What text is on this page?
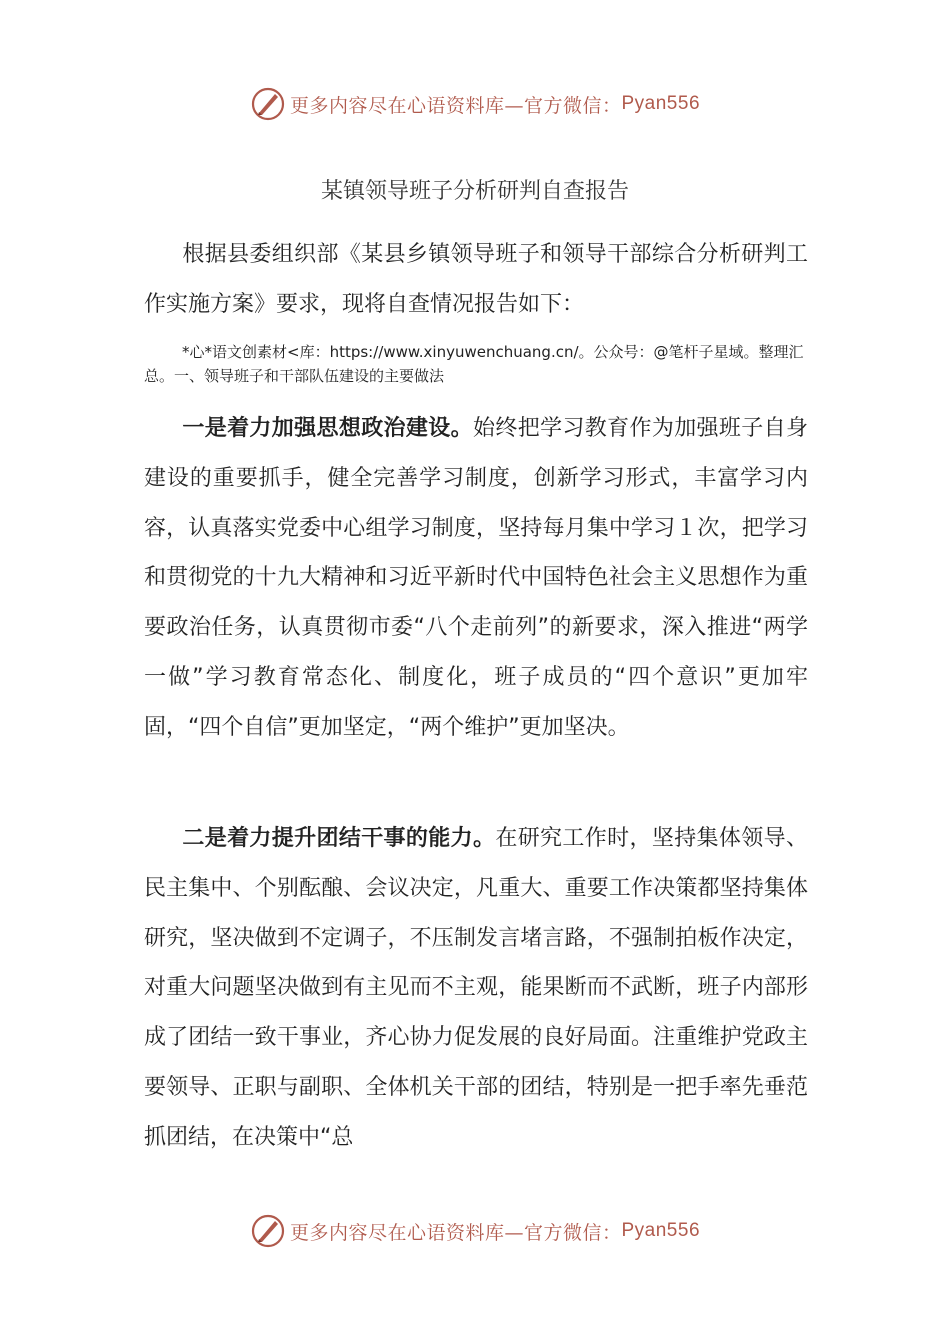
更多内容尽在心语资料库—官方微信： Pyan556
某镇领导班子分析研判自查报告

根据县委组织部《某县乡镇领导班子和领导干部综合分析研判工作实施方案》要求，现将自查情况报告如下：

*心*语文创素材<库：https://www.xinyuwenchuang.cn/。公众号：@笔杆子星域。整理汇总。一、领导班子和干部队伍建设的主要做法

一是着力加强思想政治建设。始终把学习教育作为加强班子自身建设的重要抓手，健全完善学习制度，创新学习形式，丰富学习内容，认真落实党委中心组学习制度，坚持每月集中学习１次，把学习和贯彻党的十九大精神和习近平新时代中国特色社会主义思想作为重要政治任务，认真贯彻市委“八个走前列”的新要求，深入推进“两学一做”学习教育常态化、制度化，班子成员的“四个意识”更加牢固，“四个自信”更加坚定，“两个维护”更加坚决。

二是着力提升团结干事的能力。在研究工作时，坚持集体领导、民主集中、个别酝酿、会议决定，凡重大、重要工作决策都坚持集体研究，坚决做到不定调子，不压制发言堵言路，不强制拍板作决定，对重大问题坚决做到有主见而不主观，能果断而不武断，班子内部形成了团结一致干事业，齐心协力促发展的良好局面。注重维护党政主要领导、正职与副职、全体机关干部的团结，特别是一把手率先垂范抓团结，在决策中“总

更多内容尽在心语资料库—官方微信： Pyan556
